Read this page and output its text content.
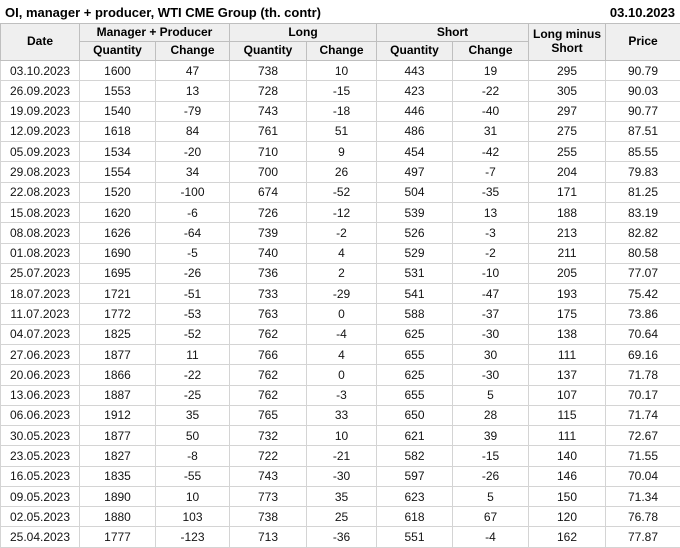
OI, manager + producer, WTI CME Group (th. contr)	03.10.2023
Date	Manager + Producer		Long		Short		Long minus Short	Price
	Quantity	Change	Quantity	Change	Quantity	Change		
03.10.2023	1600	47	738	10	443	19	295	90.79
26.09.2023	1553	13	728	-15	423	-22	305	90.03
19.09.2023	1540	-79	743	-18	446	-40	297	90.77
12.09.2023	1618	84	761	51	486	31	275	87.51
05.09.2023	1534	-20	710	9	454	-42	255	85.55
29.08.2023	1554	34	700	26	497	-7	204	79.83
22.08.2023	1520	-100	674	-52	504	-35	171	81.25
15.08.2023	1620	-6	726	-12	539	13	188	83.19
08.08.2023	1626	-64	739	-2	526	-3	213	82.82
01.08.2023	1690	-5	740	4	529	-2	211	80.58
25.07.2023	1695	-26	736	2	531	-10	205	77.07
18.07.2023	1721	-51	733	-29	541	-47	193	75.42
11.07.2023	1772	-53	763	0	588	-37	175	73.86
04.07.2023	1825	-52	762	-4	625	-30	138	70.64
27.06.2023	1877	11	766	4	655	30	111	69.16
20.06.2023	1866	-22	762	0	625	-30	137	71.78
13.06.2023	1887	-25	762	-3	655	5	107	70.17
06.06.2023	1912	35	765	33	650	28	115	71.74
30.05.2023	1877	50	732	10	621	39	111	72.67
23.05.2023	1827	-8	722	-21	582	-15	140	71.55
16.05.2023	1835	-55	743	-30	597	-26	146	70.04
09.05.2023	1890	10	773	35	623	5	150	71.34
02.05.2023	1880	103	738	25	618	67	120	76.78
25.04.2023	1777	-123	713	-36	551	-4	162	77.87
